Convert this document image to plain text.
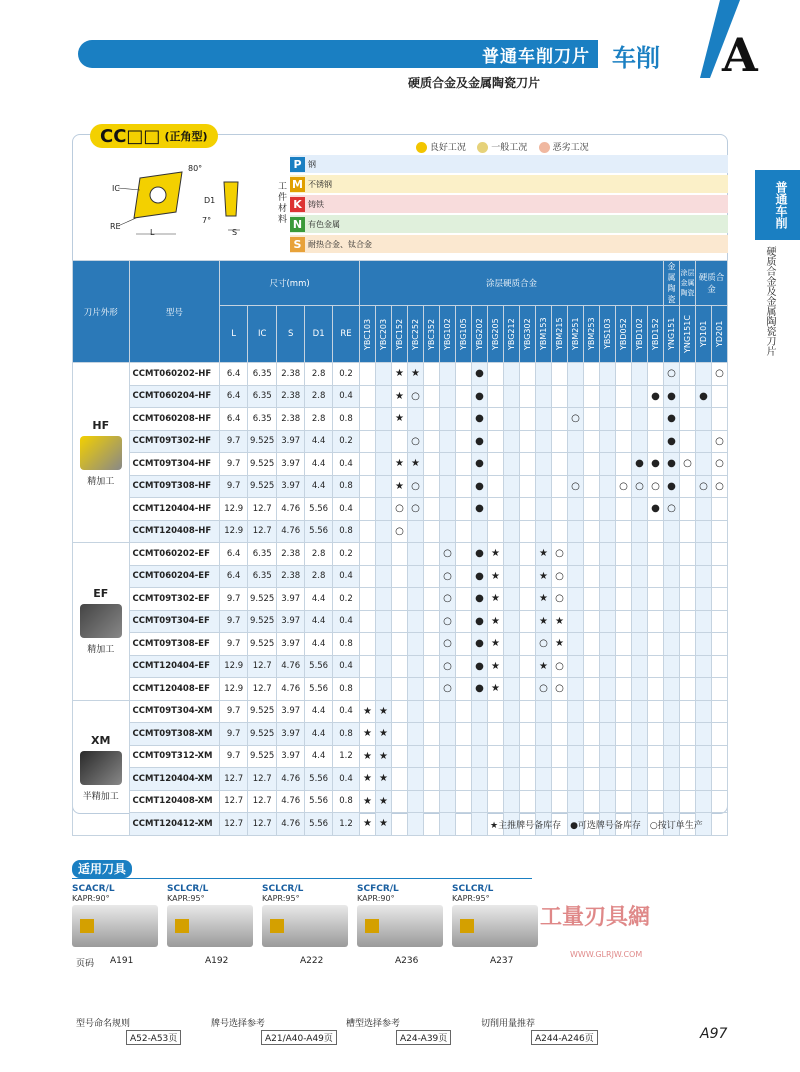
普通车削刀片 车削 A
硬质合金及金属陶瓷刀片
普通车削
硬质合金及金属陶瓷刀片
CC□□ (正角型)
良好工况	一般工况	恶劣工况
80°
IC
RE
L
D1
7°
S
工件材料
P 钢
M 不锈钢
K 铸铁
N 有色金属
S 耐热合金、钛合金
刀片外形	型号	尺寸(mm)					涂层硬质合金																			金属陶瓷	涂层金属陶瓷	硬质合金	
		L	IC	S	D1	RE	YBC103	YBC203	YBC152	YBC252	YBC352	YBG102	YBG105	YBG202	YBG205	YBG212	YBG302	YBM153	YBM215	YBM251	YBM253	YBS103	YBD052	YBD102	YBD152	YNG151	YNG151C	YD101	YD201

HF
精加工	CCMT060202-HF	6.4	6.35	2.38	2.8	0.2			★	★				●												○			○
	CCMT060204-HF	6.4	6.35	2.38	2.8	0.4			★	○				●											●	●		●	
	CCMT060208-HF	6.4	6.35	2.38	2.8	0.8			★					●						○						●			
	CCMT09T302-HF	9.7	9.525	3.97	4.4	0.2				○				●												●			○
	CCMT09T304-HF	9.7	9.525	3.97	4.4	0.4			★	★				●										●	●	●	○		○
	CCMT09T308-HF	9.7	9.525	3.97	4.4	0.8			★	○				●						○			○	○	○	●		○	○
	CCMT120404-HF	12.9	12.7	4.76	5.56	0.4			○	○				●											●	○			
	CCMT120408-HF	12.9	12.7	4.76	5.56	0.8			○																				

EF
精加工	CCMT060202-EF	6.4	6.35	2.38	2.8	0.2						○		●	★			★	○										
	CCMT060204-EF	6.4	6.35	2.38	2.8	0.4						○		●	★			★	○										
	CCMT09T302-EF	9.7	9.525	3.97	4.4	0.2						○		●	★			★	○										
	CCMT09T304-EF	9.7	9.525	3.97	4.4	0.4						○		●	★			★	★										
	CCMT09T308-EF	9.7	9.525	3.97	4.4	0.8						○		●	★			○	★										
	CCMT120404-EF	12.9	12.7	4.76	5.56	0.4						○		●	★			★	○										
	CCMT120408-EF	12.9	12.7	4.76	5.56	0.8						○		●	★			○	○										

XM
半精加工	CCMT09T304-XM	9.7	9.525	3.97	4.4	0.4	★	★																					
	CCMT09T308-XM	9.7	9.525	3.97	4.4	0.8	★	★																					
	CCMT09T312-XM	9.7	9.525	3.97	4.4	1.2	★	★																					
	CCMT120404-XM	12.7	12.7	4.76	5.56	0.4	★	★																					
	CCMT120408-XM	12.7	12.7	4.76	5.56	0.8	★	★																					
	CCMT120412-XM	12.7	12.7	4.76	5.56	1.2	★	★																						★主推牌号备库存　●可选牌号备库存　○按订单生产
适用刀具
SCACR/L
KAPR:90°
A191
SCLCR/L
KAPR:95°
A192
SCLCR/L
KAPR:95°
A222
SCFCR/L
KAPR:90°
A236
SCLCR/L
KAPR:95°
A237
页码
工量刃具網
WWW.GLRJW.COM
型号命名规则
A52-A53页
牌号选择参考
A21/A40-A49页
槽型选择参考
A24-A39页
切削用量推荐
A244-A246页	A97
